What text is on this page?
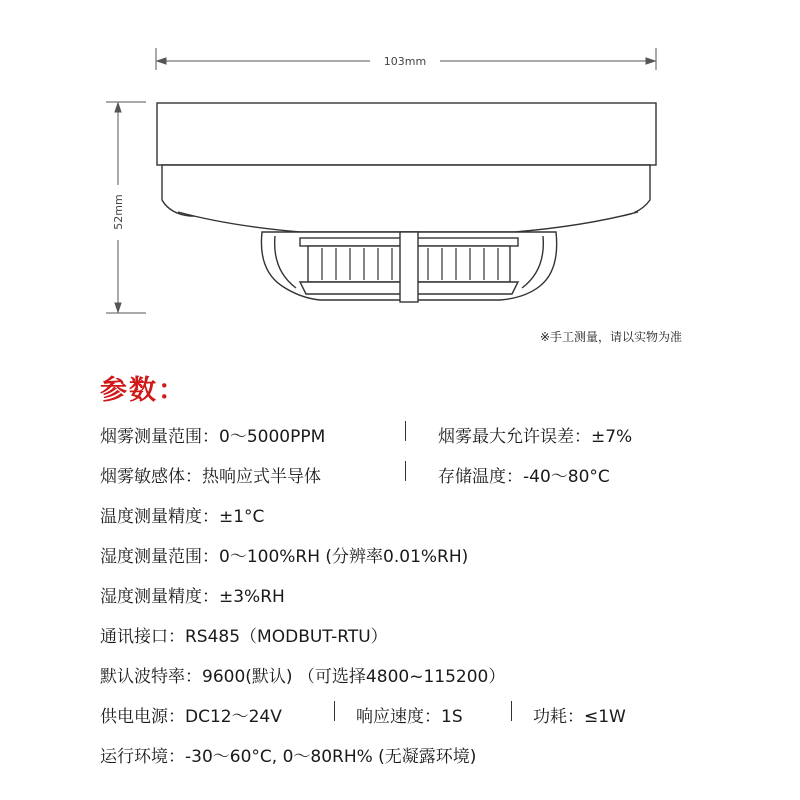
103mm
52mm
※手工测量，请以实物为准
参数：
烟雾测量范围：0～5000PPM	烟雾最大允许误差：±7%
烟雾敏感体：热响应式半导体	存储温度：-40～80°C
温度测量精度：±1°C
湿度测量范围：0～100%RH (分辨率0.01%RH)
湿度测量精度：±3%RH
通讯接口：RS485（MODBUT-RTU）
默认波特率：9600(默认) （可选择4800~115200）
供电电源：DC12～24V	响应速度：1S	功耗：≤1W
运行环境：-30～60°C, 0～80RH% (无凝露环境)
